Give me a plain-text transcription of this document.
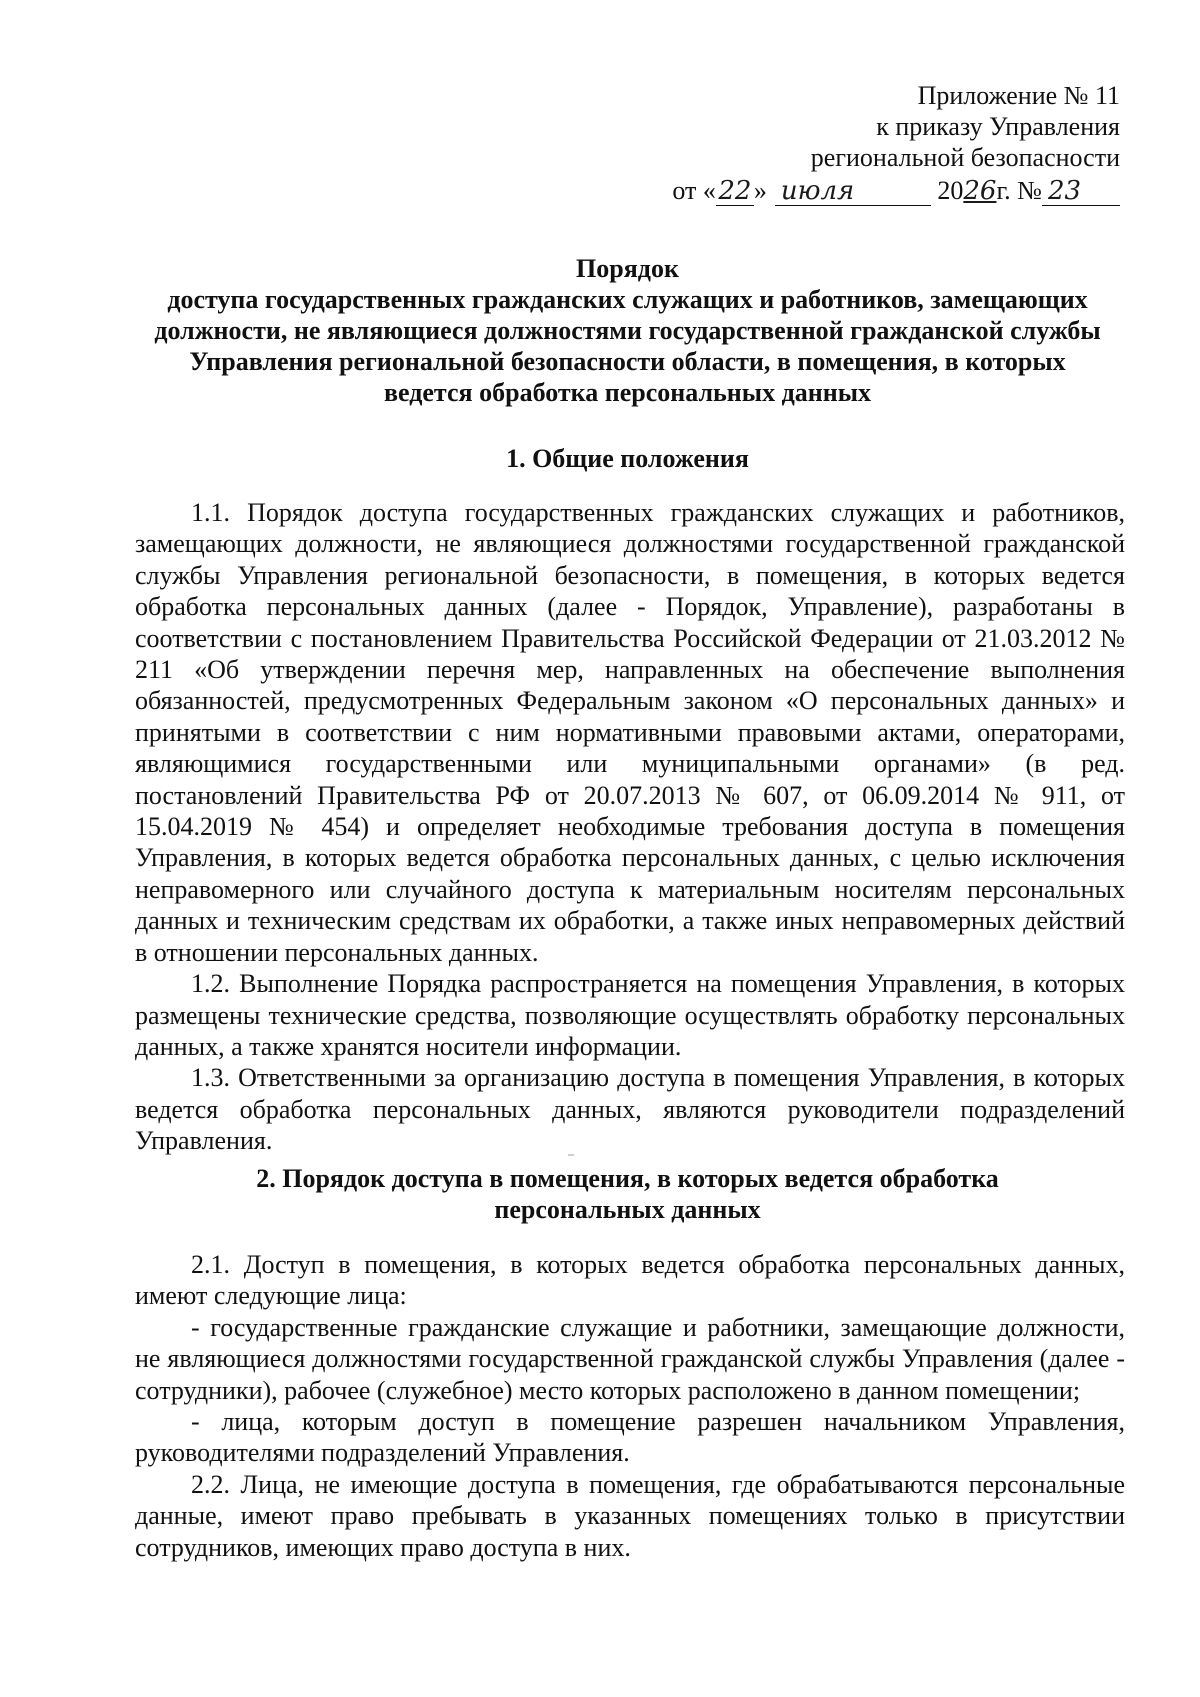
Приложение № 11
к приказу Управления
региональной безопасности
от «22» июля	2026г. № 23
Порядок
доступа государственных гражданских служащих и работников, замещающих
должности, не являющиеся должностями государственной гражданской службы
Управления региональной безопасности области, в помещения, в которых
ведется обработка персональных данных
1. Общие положения

1.1. Порядок доступа государственных гражданских служащих и работников, замещающих должности, не являющиеся должностями государственной гражданской службы Управления региональной безопасности, в помещения, в которых ведется обработка персональных данных (далее - Порядок, Управление), разработаны в соответствии с постановлением Правительства Российской Федерации от 21.03.2012 № 211 «Об утверждении перечня мер, направленных на обеспечение выполнения обязанностей, предусмотренных Федеральным законом «О персональных данных» и принятыми в соответствии с ним нормативными правовыми актами, операторами, являющимися государственными или муниципальными органами» (в ред. постановлений Правительства РФ от 20.07.2013 № 607, от 06.09.2014 № 911, от 15.04.2019 № 454) и определяет необходимые требования доступа в помещения Управления, в которых ведется обработка персональных данных, с целью исключения неправомерного или случайного доступа к материальным носителям персональных данных и техническим средствам их обработки, а также иных неправомерных действий в отношении персональных данных.

1.2. Выполнение Порядка распространяется на помещения Управления, в которых размещены технические средства, позволяющие осуществлять обработку персональных данных, а также хранятся носители информации.

1.3. Ответственными за организацию доступа в помещения Управления, в которых ведется обработка персональных данных, являются руководители подразделений Управления.

2. Порядок доступа в помещения, в которых ведется обработка
персональных данных

2.1. Доступ в помещения, в которых ведется обработка персональных данных, имеют следующие лица:

- государственные гражданские служащие и работники, замещающие должности, не являющиеся должностями государственной гражданской службы Управления (далее - сотрудники), рабочее (служебное) место которых расположено в данном помещении;

- лица, которым доступ в помещение разрешен начальником Управления, руководителями подразделений Управления.

2.2. Лица, не имеющие доступа в помещения, где обрабатываются персональные данные, имеют право пребывать в указанных помещениях только в присутствии сотрудников, имеющих право доступа в них.
